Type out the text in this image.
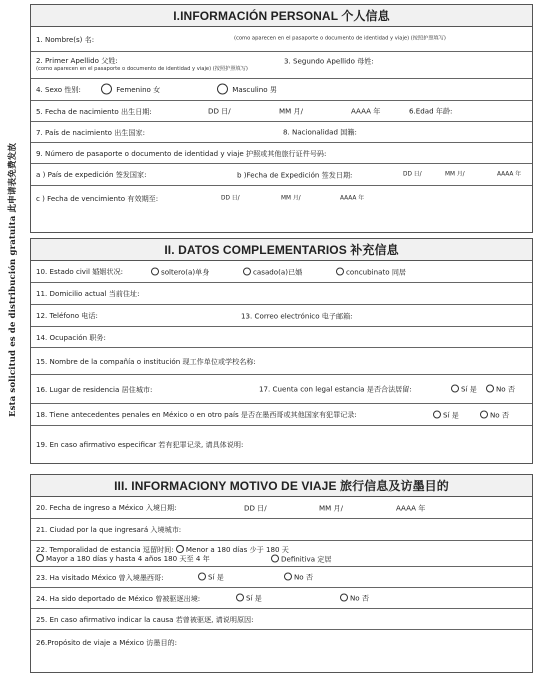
Esta solicitud es de distribución gratuita 此申请表免费发放
I.INFORMACIÓN PERSONAL 个人信息
1. Nombre(s) 名:	(como aparecen en el pasaporte o documento de identidad y viaje) (按照护照填写)
2. Primer Apellido 父姓:	3. Segundo Apellido 母姓:
(como aparecen en el pasaporte o documento de identidad y viaje) (按照护照填写)
4. Sexo 性别:	Femenino 女	Masculino 男
5. Fecha de nacimiento 出生日期:	DD 日/	MM 月/	AAAA 年	6.Edad 年龄:
7. País de nacimiento 出生国家:	8. Nacionalidad 国籍:
9. Número de pasaporte o documento de identidad y viaje 护照或其他旅行证件号码:
a ) País de expedición 签发国家:	b )Fecha de Expedición 签发日期:	DD 日/	MM 月/	AAAA 年
c ) Fecha de vencimiento 有效期至:	DD 日/	MM 月/	AAAA 年
II. DATOS COMPLEMENTARIOS 补充信息
10. Estado civil 婚姻状况:	soltero(a)单身	casado(a)已婚	concubinato 同居
11. Domicilio actual 当前住址:
12. Teléfono 电话:	13. Correo electrónico 电子邮箱:
14. Ocupación 职务:
15. Nombre de la compañía o institución 现工作单位或学校名称:
16. Lugar de residencia 居住城市:	17. Cuenta con legal estancia 是否合法居留:	Sí 是	No 否
18. Tiene antecedentes penales en México o en otro país 是否在墨西哥或其他国家有犯罪记录:	Sí 是	No 否
19. En caso afirmativo especificar 若有犯罪记录, 请具体说明:
III. INFORMACIONY MOTIVO DE VIAJE 旅行信息及访墨目的
20. Fecha de ingreso a México 入境日期:	DD 日/	MM 月/	AAAA 年
21. Ciudad por la que ingresará 入境城市:
22. Temporalidad de estancia 逗留时间: Menor a 180 días 少于 180 天
Mayor a 180 días y hasta 4 años 180 天至 4 年	Definitiva 定居
23. Ha visitado México 曾入境墨西哥:	Sí 是	No 否
24. Ha sido deportado de México 曾被驱逐出境:	Sí 是	No 否
25. En caso afirmativo indicar la causa 若曾被驱逐, 请说明原因:
26.Propósito de viaje a México 访墨目的:
